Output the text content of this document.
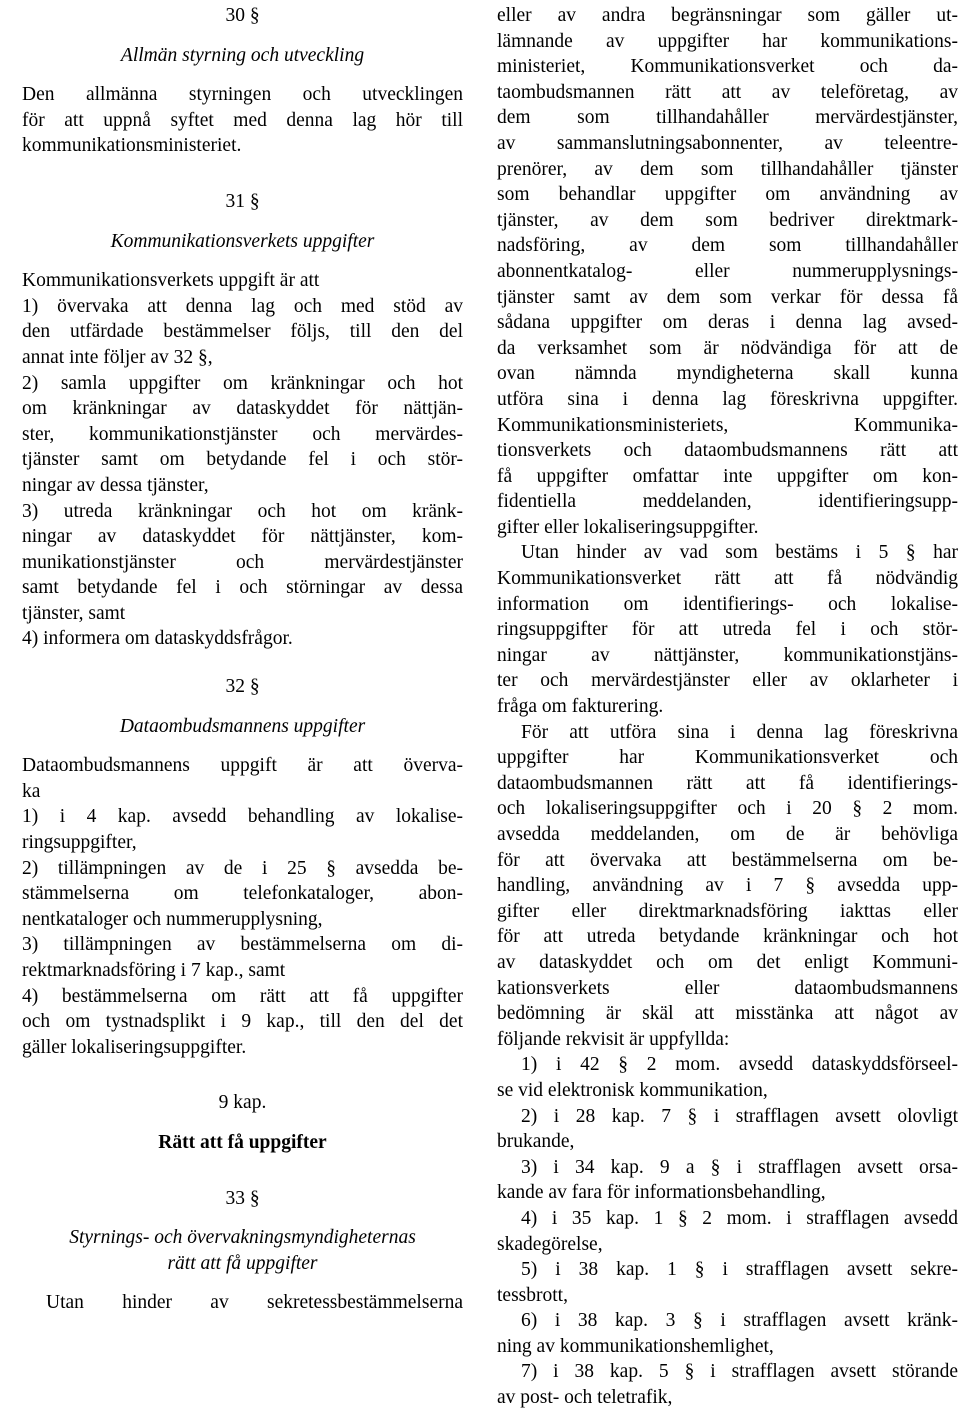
30 §
Allmän styrning och utveckling
Den allmänna styrningen och utvecklingen
för att uppnå syftet med denna lag hör till
kommunikationsministeriet.
31 §
Kommunikationsverkets uppgifter
Kommunikationsverkets uppgift är att
1) övervaka att denna lag och med stöd av
den utfärdade bestämmelser följs, till den del
annat inte följer av 32 §,
2) samla uppgifter om kränkningar och hot
om kränkningar av dataskyddet för nättjän-
ster, kommunikationstjänster och mervärdes-
tjänster samt om betydande fel i och stör-
ningar av dessa tjänster,
3) utreda kränkningar och hot om kränk-
ningar av dataskyddet för nättjänster, kom-
munikationstjänster och mervärdestjänster
samt betydande fel i och störningar av dessa
tjänster, samt
4) informera om dataskyddsfrågor.
32 §
Dataombudsmannens uppgifter
Dataombudsmannens uppgift är att överva-
ka
1) i 4 kap. avsedd behandling av lokalise-
ringsuppgifter,
2) tillämpningen av de i 25 § avsedda be-
stämmelserna om telefonkataloger, abon-
nentkataloger och nummerupplysning,
3) tillämpningen av bestämmelserna om di-
rektmarknadsföring i 7 kap., samt
4) bestämmelserna om rätt att få uppgifter
och om tystnadsplikt i 9 kap., till den del det
gäller lokaliseringsuppgifter.
9 kap.
Rätt att få uppgifter
33 §
Styrnings- och övervakningsmyndigheternas
rätt att få uppgifter
Utan hinder av sekretessbestämmelserna
eller av andra begränsningar som gäller ut-
lämnande av uppgifter har kommunikations-
ministeriet, Kommunikationsverket och da-
taombudsmannen rätt att av teleföretag, av
dem som tillhandahåller mervärdestjänster,
av sammanslutningsabonnenter, av teleentre-
prenörer, av dem som tillhandahåller tjänster
som behandlar uppgifter om användning av
tjänster, av dem som bedriver direktmark-
nadsföring, av dem som tillhandahåller
abonnentkatalog- eller nummerupplysnings-
tjänster samt av dem som verkar för dessa få
sådana uppgifter om deras i denna lag avsed-
da verksamhet som är nödvändiga för att de
ovan nämnda myndigheterna skall kunna
utföra sina i denna lag föreskrivna uppgifter.
Kommunikationsministeriets, Kommunika-
tionsverkets och dataombudsmannens rätt att
få uppgifter omfattar inte uppgifter om kon-
fidentiella meddelanden, identifieringsupp-
gifter eller lokaliseringsuppgifter.
Utan hinder av vad som bestäms i 5 § har
Kommunikationsverket rätt att få nödvändig
information om identifierings- och lokalise-
ringsuppgifter för att utreda fel i och stör-
ningar av nättjänster, kommunikationstjäns-
ter och mervärdestjänster eller av oklarheter i
fråga om fakturering.
För att utföra sina i denna lag föreskrivna
uppgifter har Kommunikationsverket och
dataombudsmannen rätt att få identifierings-
och lokaliseringsuppgifter och i 20 § 2 mom.
avsedda meddelanden, om de är behövliga
för att övervaka att bestämmelserna om be-
handling, användning av i 7 § avsedda upp-
gifter eller direktmarknadsföring iakttas eller
för att utreda betydande kränkningar och hot
av dataskyddet och om det enligt Kommuni-
kationsverkets eller dataombudsmannens
bedömning är skäl att misstänka att något av
följande rekvisit är uppfyllda:
1) i 42 § 2 mom. avsedd dataskyddsförseel-
se vid elektronisk kommunikation,
2) i 28 kap. 7 § i strafflagen avsett olovligt
brukande,
3) i 34 kap. 9 a § i strafflagen avsett orsa-
kande av fara för informationsbehandling,
4) i 35 kap. 1 § 2 mom. i strafflagen avsedd
skadegörelse,
5) i 38 kap. 1 § i strafflagen avsett sekre-
tessbrott,
6) i 38 kap. 3 § i strafflagen avsett kränk-
ning av kommunikationshemlighet,
7) i 38 kap. 5 § i strafflagen avsett störande
av post- och teletrafik,
